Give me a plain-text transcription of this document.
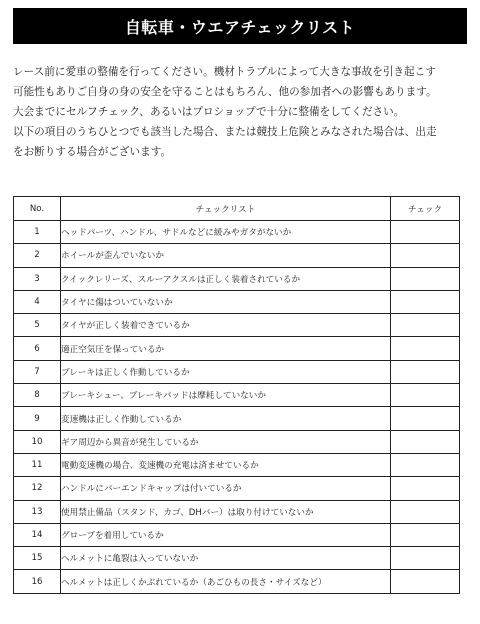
自転車・ウエアチェックリスト
レース前に愛車の整備を行ってください。機材トラブルによって大きな事故を引き起こす
可能性もありご自身の身の安全を守ることはもちろん、他の参加者への影響もあります。
大会までにセルフチェック、あるいはプロショップで十分に整備をしてください。
以下の項目のうちひとつでも該当した場合、または競技上危険とみなされた場合は、出走
をお断りする場合がございます。
No.	チェックリスト	チェック
1	ヘッドパーツ、ハンドル、サドルなどに緩みやガタがないか	
2	ホイールが歪んでいないか	
3	クイックレリーズ、スルーアクスルは正しく装着されているか	
4	タイヤに傷はついていないか	
5	タイヤが正しく装着できているか	
6	適正空気圧を保っているか	
7	ブレーキは正しく作動しているか	
8	ブレーキシュー、ブレーキパッドは摩耗していないか	
9	変速機は正しく作動しているか	
10	ギア周辺から異音が発生しているか	
11	電動変速機の場合、変速機の充電は済ませているか	
12	ハンドルにバーエンドキャップは付いているか	
13	使用禁止備品（スタンド、カゴ、DHバー）は取り付けていないか	
14	グローブを着用しているか	
15	ヘルメットに亀裂は入っていないか	
16	ヘルメットは正しくかぶれているか（あごひもの長さ・サイズなど）	
